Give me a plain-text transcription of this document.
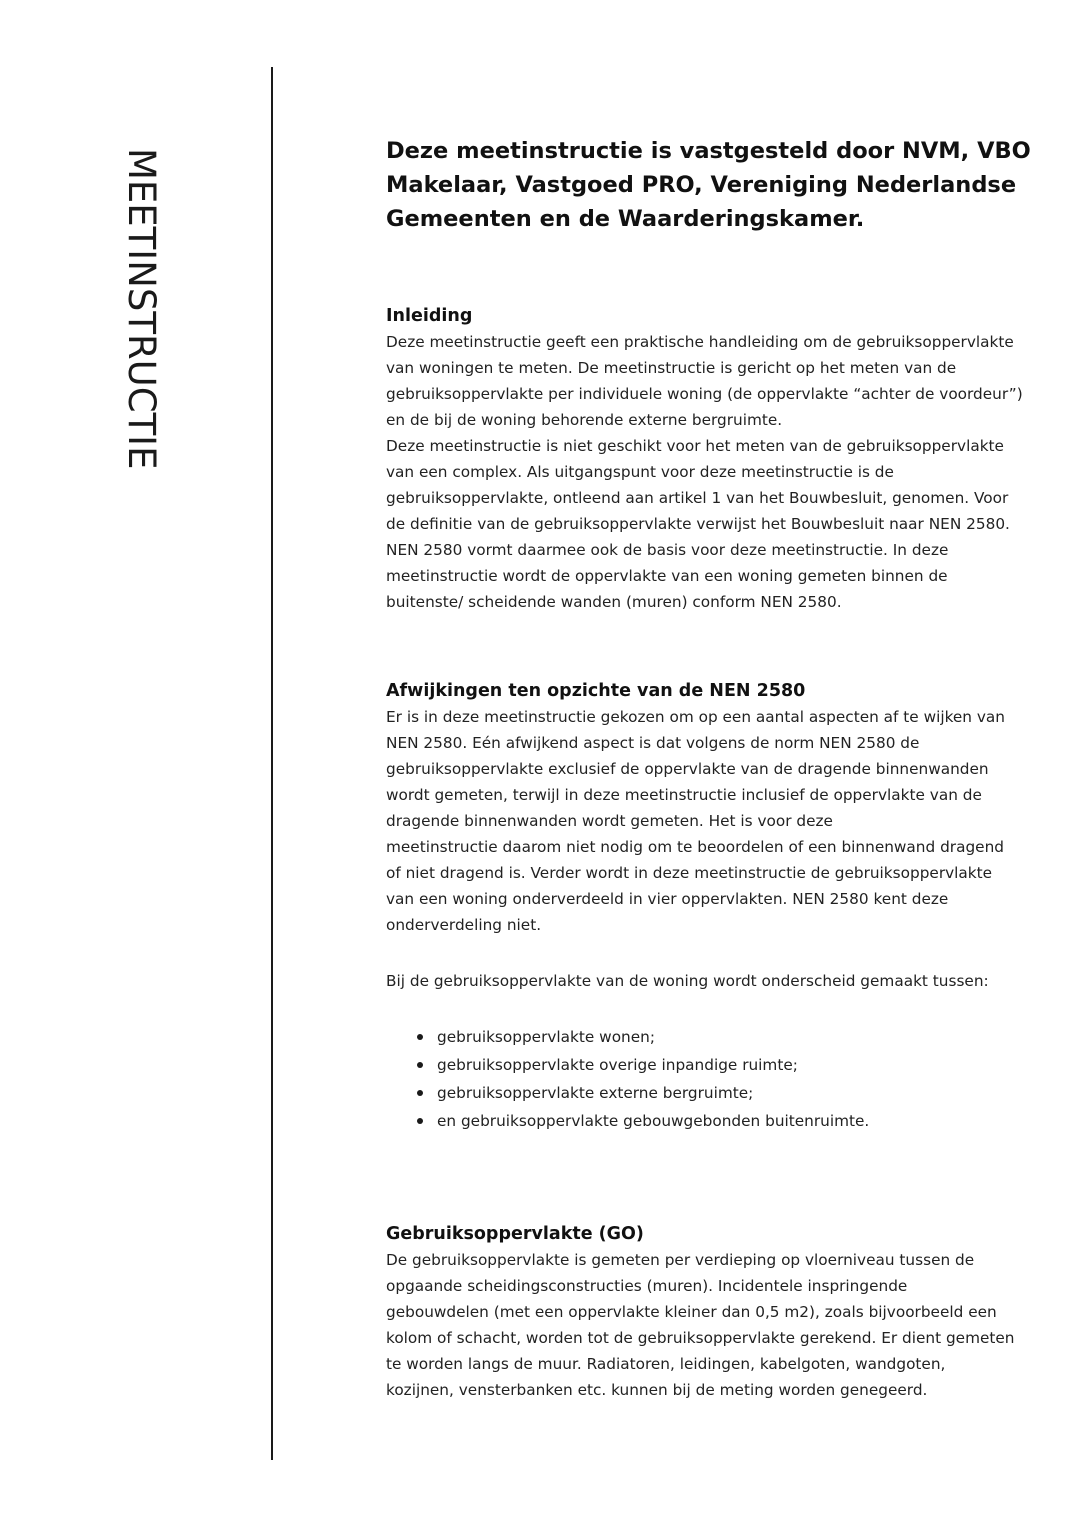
MEETINSTRUCTIE	Deze meetinstructie is vastgesteld door NVM, VBO
Makelaar, Vastgoed PRO, Vereniging Nederlandse
Gemeenten en de Waarderingskamer.
Inleiding

Deze meetinstructie geeft een praktische handleiding om de gebruiksoppervlakte
van woningen te meten. De meetinstructie is gericht op het meten van de
gebruiksoppervlakte per individuele woning (de oppervlakte “achter de voordeur”)
en de bij de woning behorende externe bergruimte.
Deze meetinstructie is niet geschikt voor het meten van de gebruiksoppervlakte
van een complex. Als uitgangspunt voor deze meetinstructie is de
gebruiksoppervlakte, ontleend aan artikel 1 van het Bouwbesluit, genomen. Voor
de definitie van de gebruiksoppervlakte verwijst het Bouwbesluit naar NEN 2580.
NEN 2580 vormt daarmee ook de basis voor deze meetinstructie. In deze
meetinstructie wordt de oppervlakte van een woning gemeten binnen de
buitenste/ scheidende wanden (muren) conform NEN 2580.

Afwijkingen ten opzichte van de NEN 2580

Er is in deze meetinstructie gekozen om op een aantal aspecten af te wijken van
NEN 2580. Eén afwijkend aspect is dat volgens de norm NEN 2580 de
gebruiksoppervlakte exclusief de oppervlakte van de dragende binnenwanden
wordt gemeten, terwijl in deze meetinstructie inclusief de oppervlakte van de
dragende binnenwanden wordt gemeten. Het is voor deze
meetinstructie daarom niet nodig om te beoordelen of een binnenwand dragend
of niet dragend is. Verder wordt in deze meetinstructie de gebruiksoppervlakte
van een woning onderverdeeld in vier oppervlakten. NEN 2580 kent deze
onderverdeling niet.

Bij de gebruiksoppervlakte van de woning wordt onderscheid gemaakt tussen:

gebruiksoppervlakte wonen;
gebruiksoppervlakte overige inpandige ruimte;
gebruiksoppervlakte externe bergruimte;
en gebruiksoppervlakte gebouwgebonden buitenruimte.
Gebruiksoppervlakte (GO)

De gebruiksoppervlakte is gemeten per verdieping op vloerniveau tussen de
opgaande scheidingsconstructies (muren). Incidentele inspringende
gebouwdelen (met een oppervlakte kleiner dan 0,5 m2), zoals bijvoorbeeld een
kolom of schacht, worden tot de gebruiksoppervlakte gerekend. Er dient gemeten
te worden langs de muur. Radiatoren, leidingen, kabelgoten, wandgoten,
kozijnen, vensterbanken etc. kunnen bij de meting worden genegeerd.
